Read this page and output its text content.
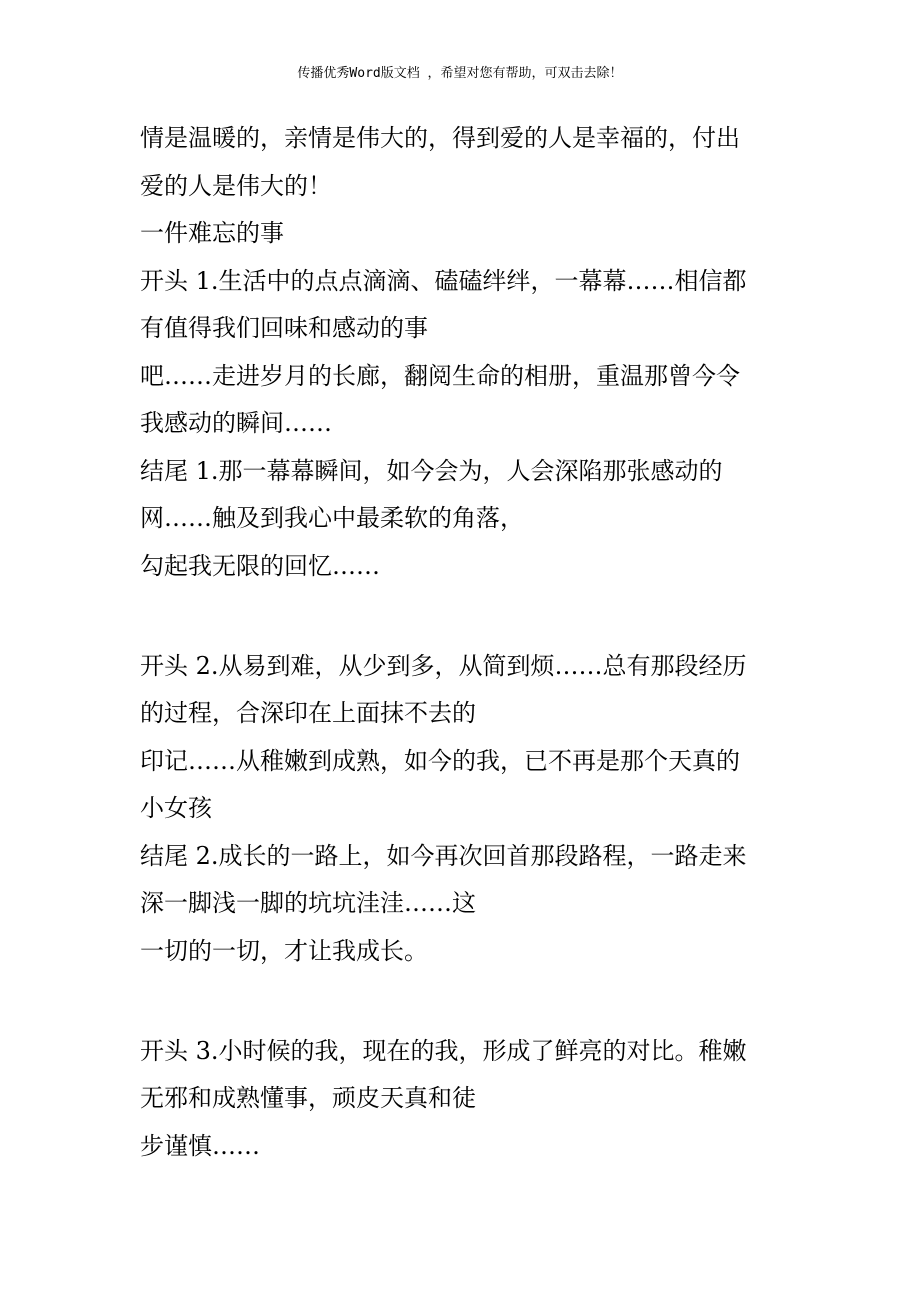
传播优秀Word版文档 ，希望对您有帮助，可双击去除！
情是温暖的，亲情是伟大的，得到爱的人是幸福的，付出
爱的人是伟大的！
一件难忘的事
开头 1.生活中的点点滴滴、磕磕绊绊，一幕幕……相信都
有值得我们回味和感动的事
吧……走进岁月的长廊，翻阅生命的相册，重温那曾今令
我感动的瞬间……
结尾 1.那一幕幕瞬间，如今会为，人会深陷那张感动的
网……触及到我心中最柔软的角落，
勾起我无限的回忆……
开头 2.从易到难，从少到多，从简到烦……总有那段经历
的过程，合深印在上面抹不去的
印记……从稚嫩到成熟，如今的我，已不再是那个天真的
小女孩
结尾 2.成长的一路上，如今再次回首那段路程，一路走来
深一脚浅一脚的坑坑洼洼……这
一切的一切，才让我成长。
开头 3.小时候的我，现在的我，形成了鲜亮的对比。稚嫩
无邪和成熟懂事，顽皮天真和徒
步谨慎……
